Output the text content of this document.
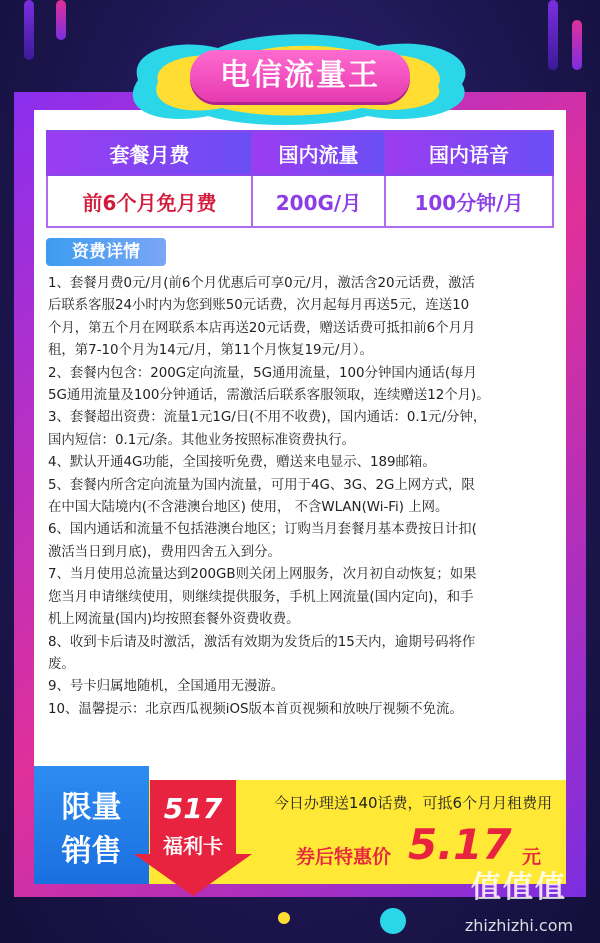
电信流量王
套餐月费	国内流量	国内语音
前6个月免月费	200G/月	100分钟/月
资费详情
1、套餐月费0元/月(前6个月优惠后可享0元/月，激活含20元话费，激活
后联系客服24小时内为您到账50元话费，次月起每月再送5元，连送10
个月，第五个月在网联系本店再送20元话费，赠送话费可抵扣前6个月月
租，第7-10个月为14元/月，第11个月恢复19元/月）。
2、套餐内包含：200G定向流量，5G通用流量，100分钟国内通话(每月
5G通用流量及100分钟通话，需激活后联系客服领取，连续赠送12个月)。
3、套餐超出资费：流量1元1G/日(不用不收费)，国内通话：0.1元/分钟，
国内短信：0.1元/条。其他业务按照标准资费执行。
4、默认开通4G功能，全国接听免费，赠送来电显示、189邮箱。
5、套餐内所含定向流量为国内流量，可用于4G、3G、2G上网方式，限
在中国大陆境内(不含港澳台地区) 使用， 不含WLAN(Wi-Fi) 上网。
6、国内通话和流量不包括港澳台地区；订购当月套餐月基本费按日计扣(
激活当日到月底)，费用四舍五入到分。
7、当月使用总流量达到200GB则关闭上网服务，次月初自动恢复；如果
您当月申请继续使用，则继续提供服务，手机上网流量(国内定向)，和手
机上网流量(国内)均按照套餐外资费收费。
8、收到卡后请及时激活，激活有效期为发货后的15天内，逾期号码将作
废。
9、号卡归属地随机，全国通用无漫游。
10、温馨提示：北京西瓜视频iOS版本首页视频和放映厅视频不免流。
限量
销售
517
福利卡
今日办理送140话费，可抵6个月月租费用
券后特惠价 5.17 元
值值值
zhizhizhi.com
